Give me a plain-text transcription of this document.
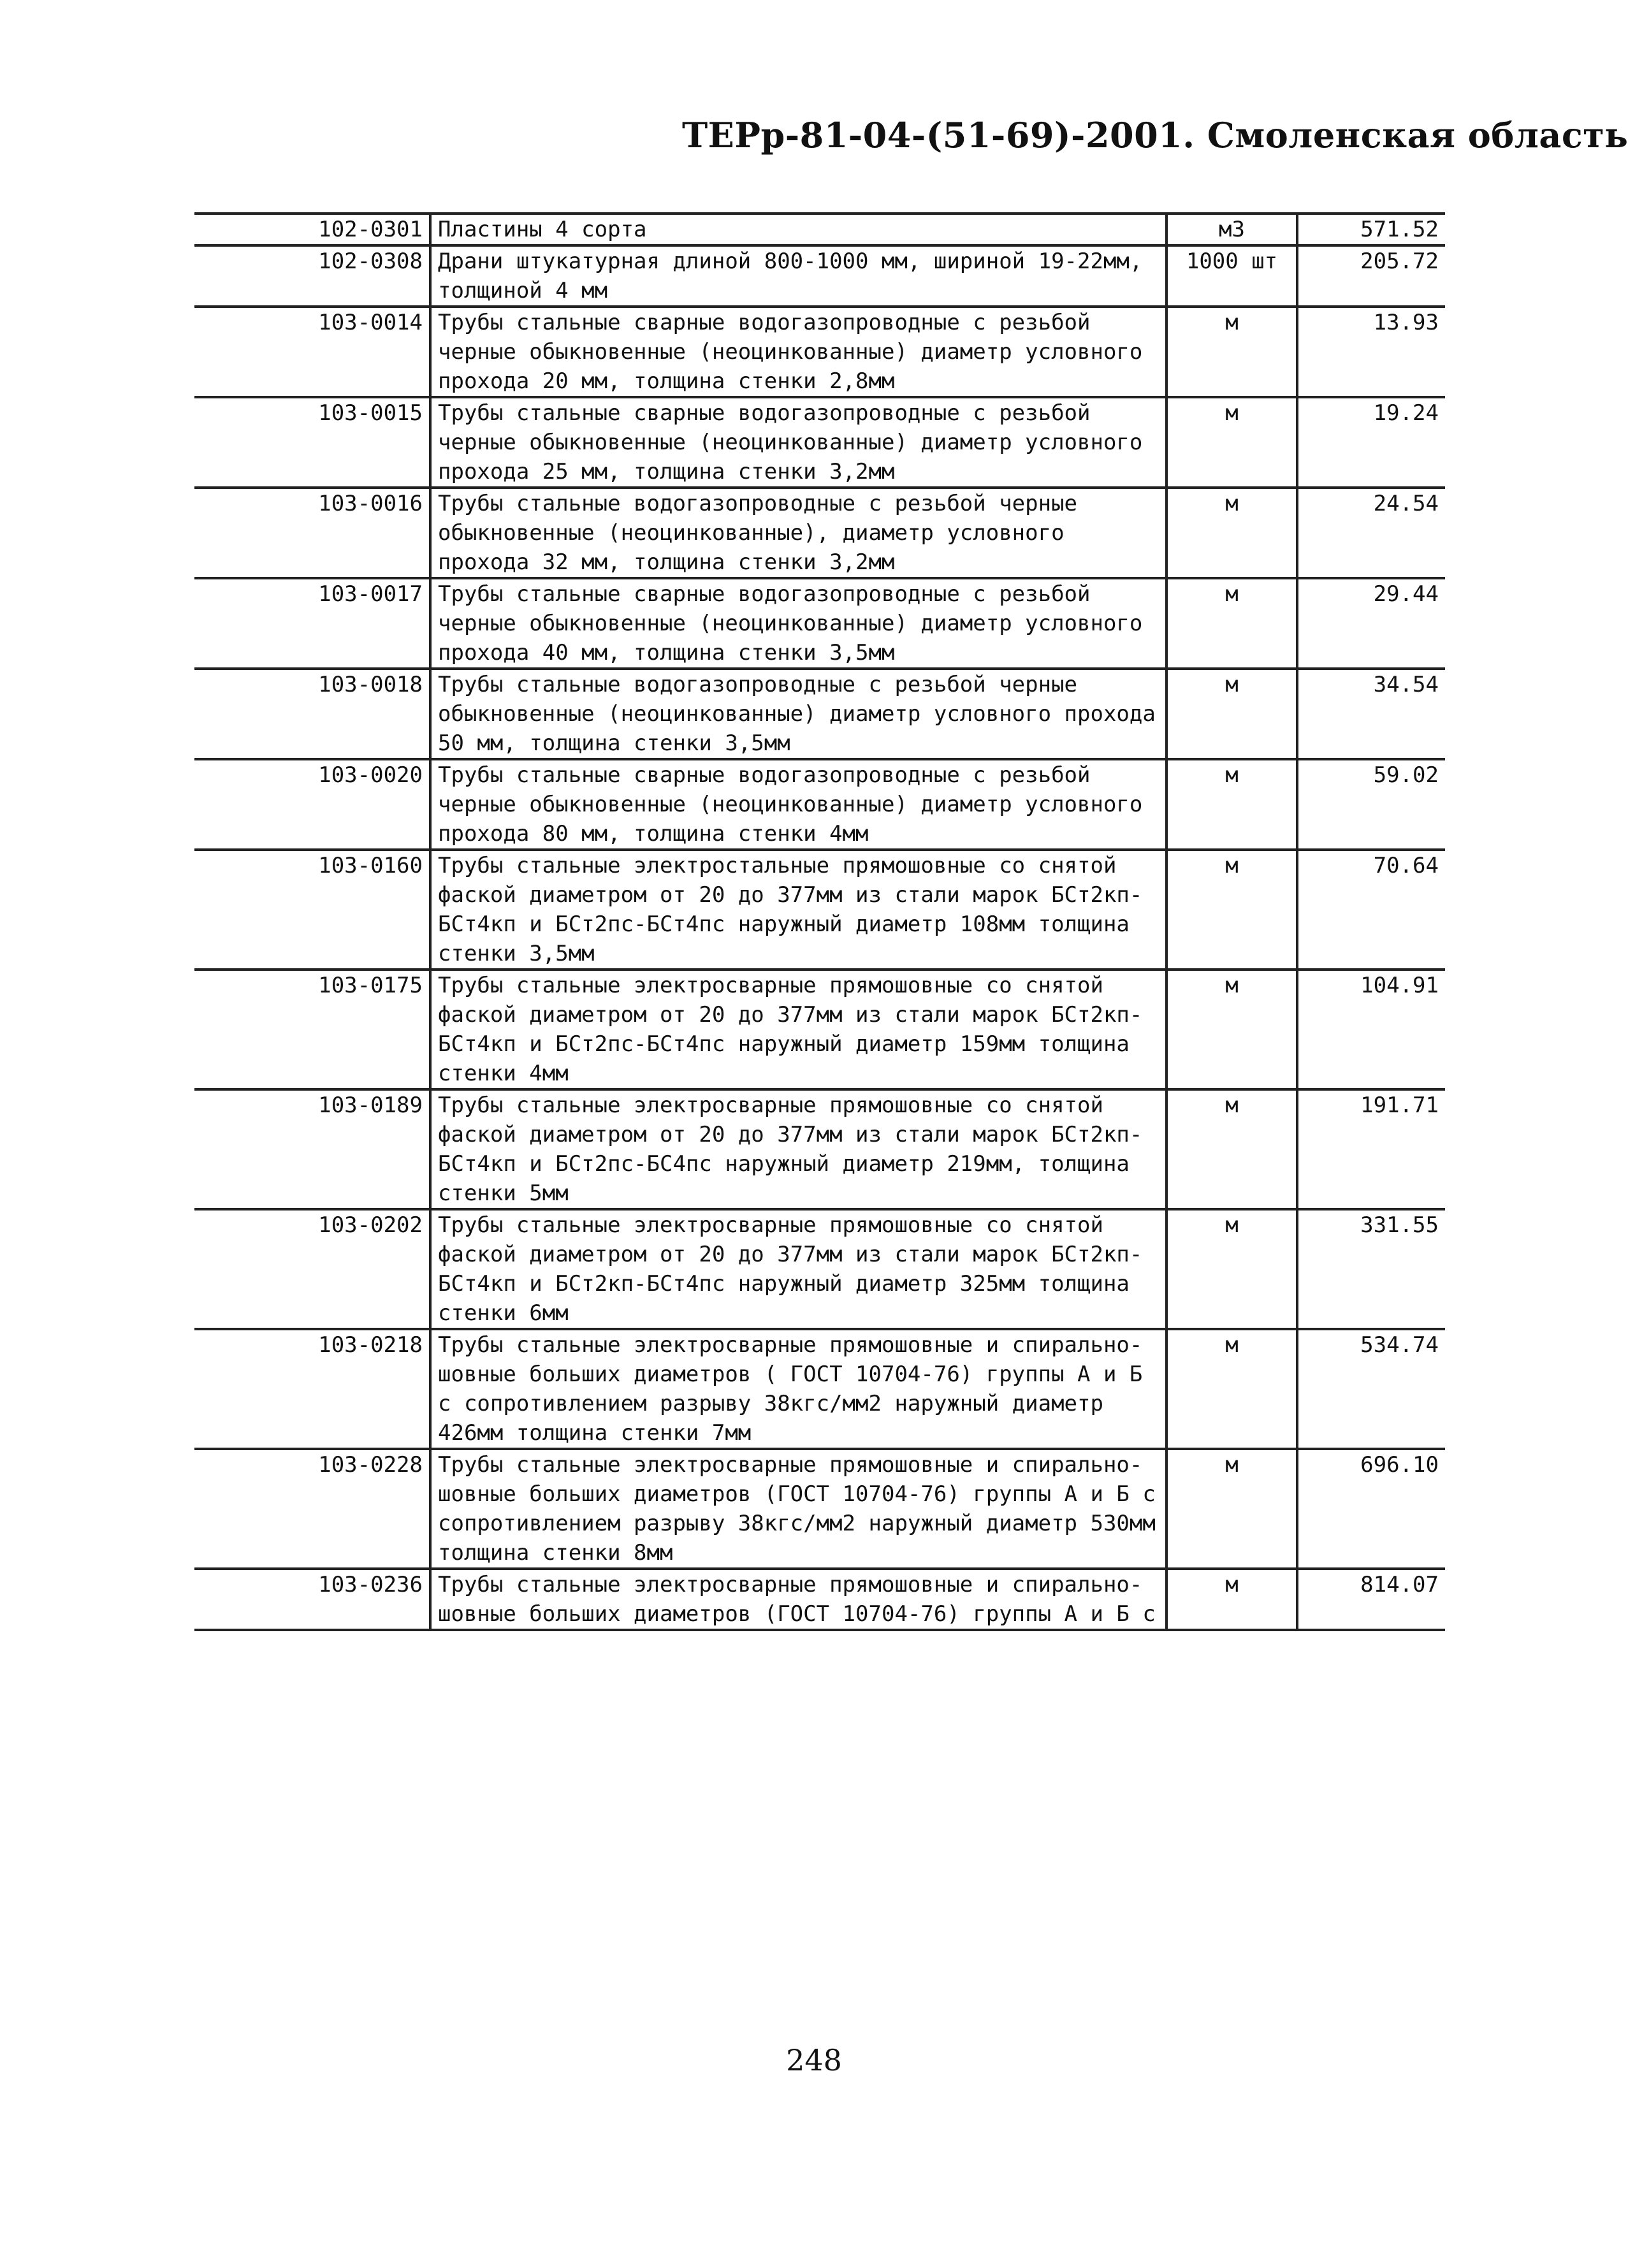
ТЕРр-81-04-(51-69)-2001. Смоленская область
102-0301	Пластины 4 сорта	м3	571.52
102-0308	Драни штукатурная длиной 800-1000 мм, шириной 19-22мм, толщиной 4 мм	1000 шт	205.72
103-0014	Трубы стальные сварные водогазопроводные с резьбой черные обыкновенные (неоцинкованные) диаметр условного прохода 20 мм, толщина стенки 2,8мм	м	13.93
103-0015	Трубы стальные сварные водогазопроводные с резьбой черные обыкновенные (неоцинкованные) диаметр условного прохода 25 мм, толщина стенки 3,2мм	м	19.24
103-0016	Трубы стальные водогазопроводные с резьбой черные обыкновенные (неоцинкованные), диаметр условного прохода 32 мм, толщина стенки 3,2мм	м	24.54
103-0017	Трубы стальные сварные водогазопроводные с резьбой черные обыкновенные (неоцинкованные) диаметр условного прохода 40 мм, толщина стенки 3,5мм	м	29.44
103-0018	Трубы стальные водогазопроводные с резьбой черные обыкновенные (неоцинкованные) диаметр условного прохода 50 мм, толщина стенки 3,5мм	м	34.54
103-0020	Трубы стальные сварные водогазопроводные с резьбой черные обыкновенные (неоцинкованные) диаметр условного прохода 80 мм, толщина стенки 4мм	м	59.02
103-0160	Трубы стальные электростальные прямошовные со снятой фаской диаметром от 20 до 377мм из стали марок БСт2кп-БСт4кп и БСт2пс-БСт4пс наружный диаметр 108мм толщина стенки 3,5мм	м	70.64
103-0175	Трубы стальные электросварные прямошовные со снятой фаской диаметром от 20 до 377мм из стали марок БСт2кп-БСт4кп и БСт2пс-БСт4пс наружный диаметр 159мм толщина стенки 4мм	м	104.91
103-0189	Трубы стальные электросварные прямошовные со снятой фаской диаметром от 20 до 377мм из стали марок БСт2кп-БСт4кп и БСт2пс-БС4пс наружный диаметр 219мм, толщина стенки 5мм	м	191.71
103-0202	Трубы стальные электросварные прямошовные со снятой фаской диаметром от 20 до 377мм из стали марок БСт2кп-БСт4кп и БСт2кп-БСт4пс наружный диаметр 325мм толщина стенки 6мм	м	331.55
103-0218	Трубы стальные электросварные прямошовные и спирально-шовные больших диаметров ( ГОСТ 10704-76) группы А и Б с сопротивлением разрыву 38кгс/мм2 наружный диаметр 426мм толщина стенки 7мм	м	534.74
103-0228	Трубы стальные электросварные прямошовные и спирально-шовные больших диаметров (ГОСТ 10704-76) группы А и Б с сопротивлением разрыву 38кгс/мм2 наружный диаметр 530мм толщина стенки 8мм	м	696.10
103-0236	Трубы стальные электросварные прямошовные и спирально-шовные больших диаметров (ГОСТ 10704-76) группы А и Б с	м	814.07
248
